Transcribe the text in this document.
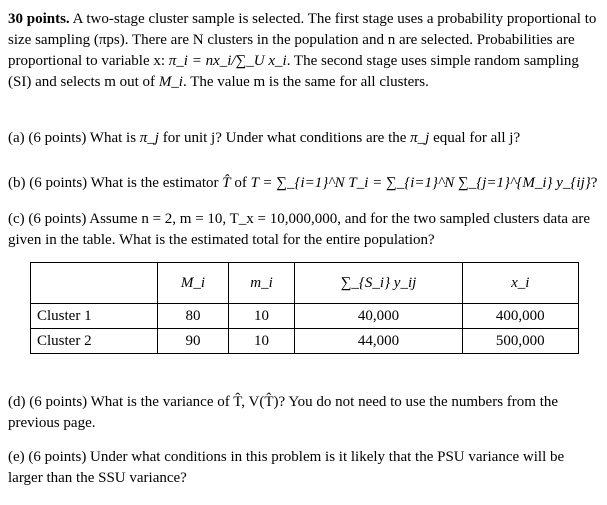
30 points. A two-stage cluster sample is selected. The first stage uses a probability proportional to size sampling (πps). There are N clusters in the population and n are selected. Probabilities are proportional to variable x: π_i = nx_i/∑_U x_i. The second stage uses simple random sampling (SI) and selects m out of M_i. The value m is the same for all clusters.
(a) (6 points) What is π_j for unit j? Under what conditions are the π_j equal for all j?
(b) (6 points) What is the estimator T̂ of T = ∑_{i=1}^N T_i = ∑_{i=1}^N ∑_{j=1}^{M_i} y_{ij}?
(c) (6 points) Assume n = 2, m = 10, T_x = 10,000,000, and for the two sampled clusters data are given in the table. What is the estimated total for the entire population?
	M_i	m_i	∑_{S_i} y_ij	x_i
Cluster 1	80	10	40,000	400,000
Cluster 2	90	10	44,000	500,000
(d) (6 points) What is the variance of T̂, V(T̂)? You do not need to use the numbers from the previous page.
(e) (6 points) Under what conditions in this problem is it likely that the PSU variance will be larger than the SSU variance?
